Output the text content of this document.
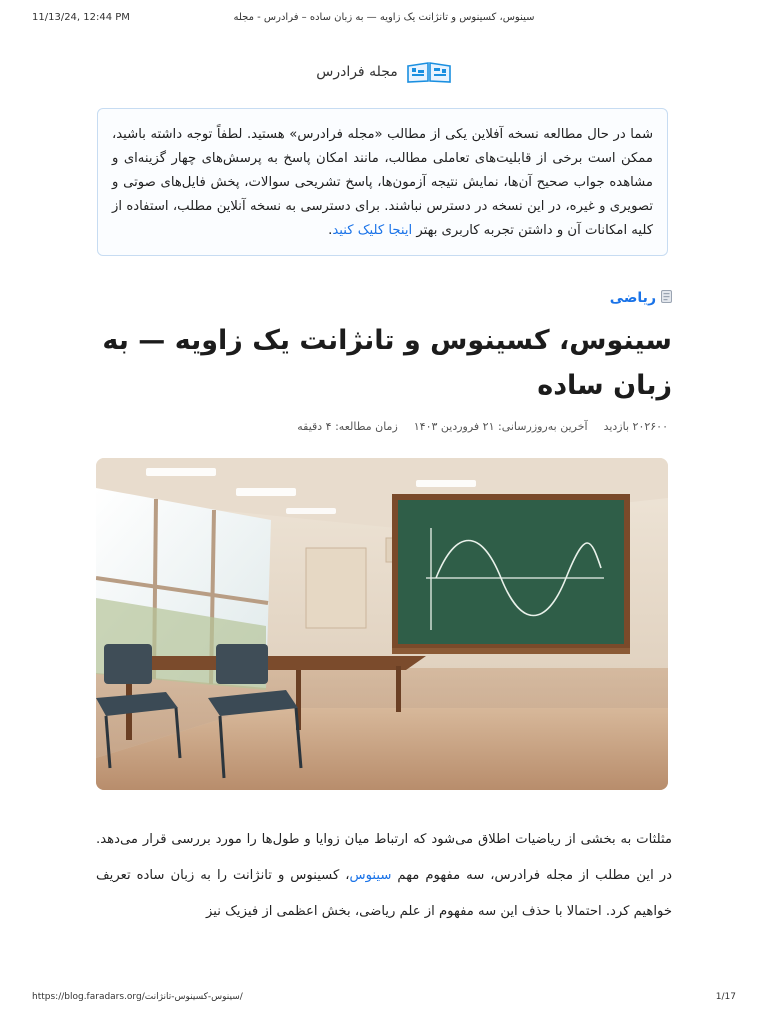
11/13/24, 12:44 PM	سینوس، کسینوس و تانژانت یک زاویه — به زبان ساده – فرادرس - مجله
مجله فرادرس
شما در حال مطالعه نسخه آفلاین یکی از مطالب «مجله فرادرس» هستید. لطفاً توجه داشته باشید، ممکن است برخی از قابلیت‌های تعاملی مطالب، مانند امکان پاسخ به پرسش‌های چهار گزینه‌ای و مشاهده جواب صحیح آن‌ها، نمایش نتیجه آزمون‌ها، پاسخ تشریحی سوالات، پخش فایل‌های صوتی و تصویری و غیره، در این نسخه در دسترس نباشند. برای دسترسی به نسخه آنلاین مطلب، استفاده از کلیه امکانات آن و داشتن تجربه کاربری بهتر اینجا کلیک کنید.
ریاضی
سینوس، کسینوس و تانژانت یک زاویه — به زبان ساده
۲۰۲۶۰۰ بازدید
آخرین به‌روزرسانی: ۲۱ فروردین ۱۴۰۳
زمان مطالعه: ۴ دقیقه

مثلثات به بخشی از ریاضیات اطلاق می‌شود که ارتباط میان زوایا و طول‌ها را مورد بررسی قرار می‌دهد. در این مطلب از مجله فرادرس، سه مفهوم مهم سینوس، کسینوس و تانژانت را به زبان ساده تعریف خواهیم کرد. احتمالا با حذف این سه مفهوم از علم ریاضی، بخش اعظمی از فیزیک نیز

https://blog.faradars.org/سینوس-کسینوس-تانژانت/	1/17
